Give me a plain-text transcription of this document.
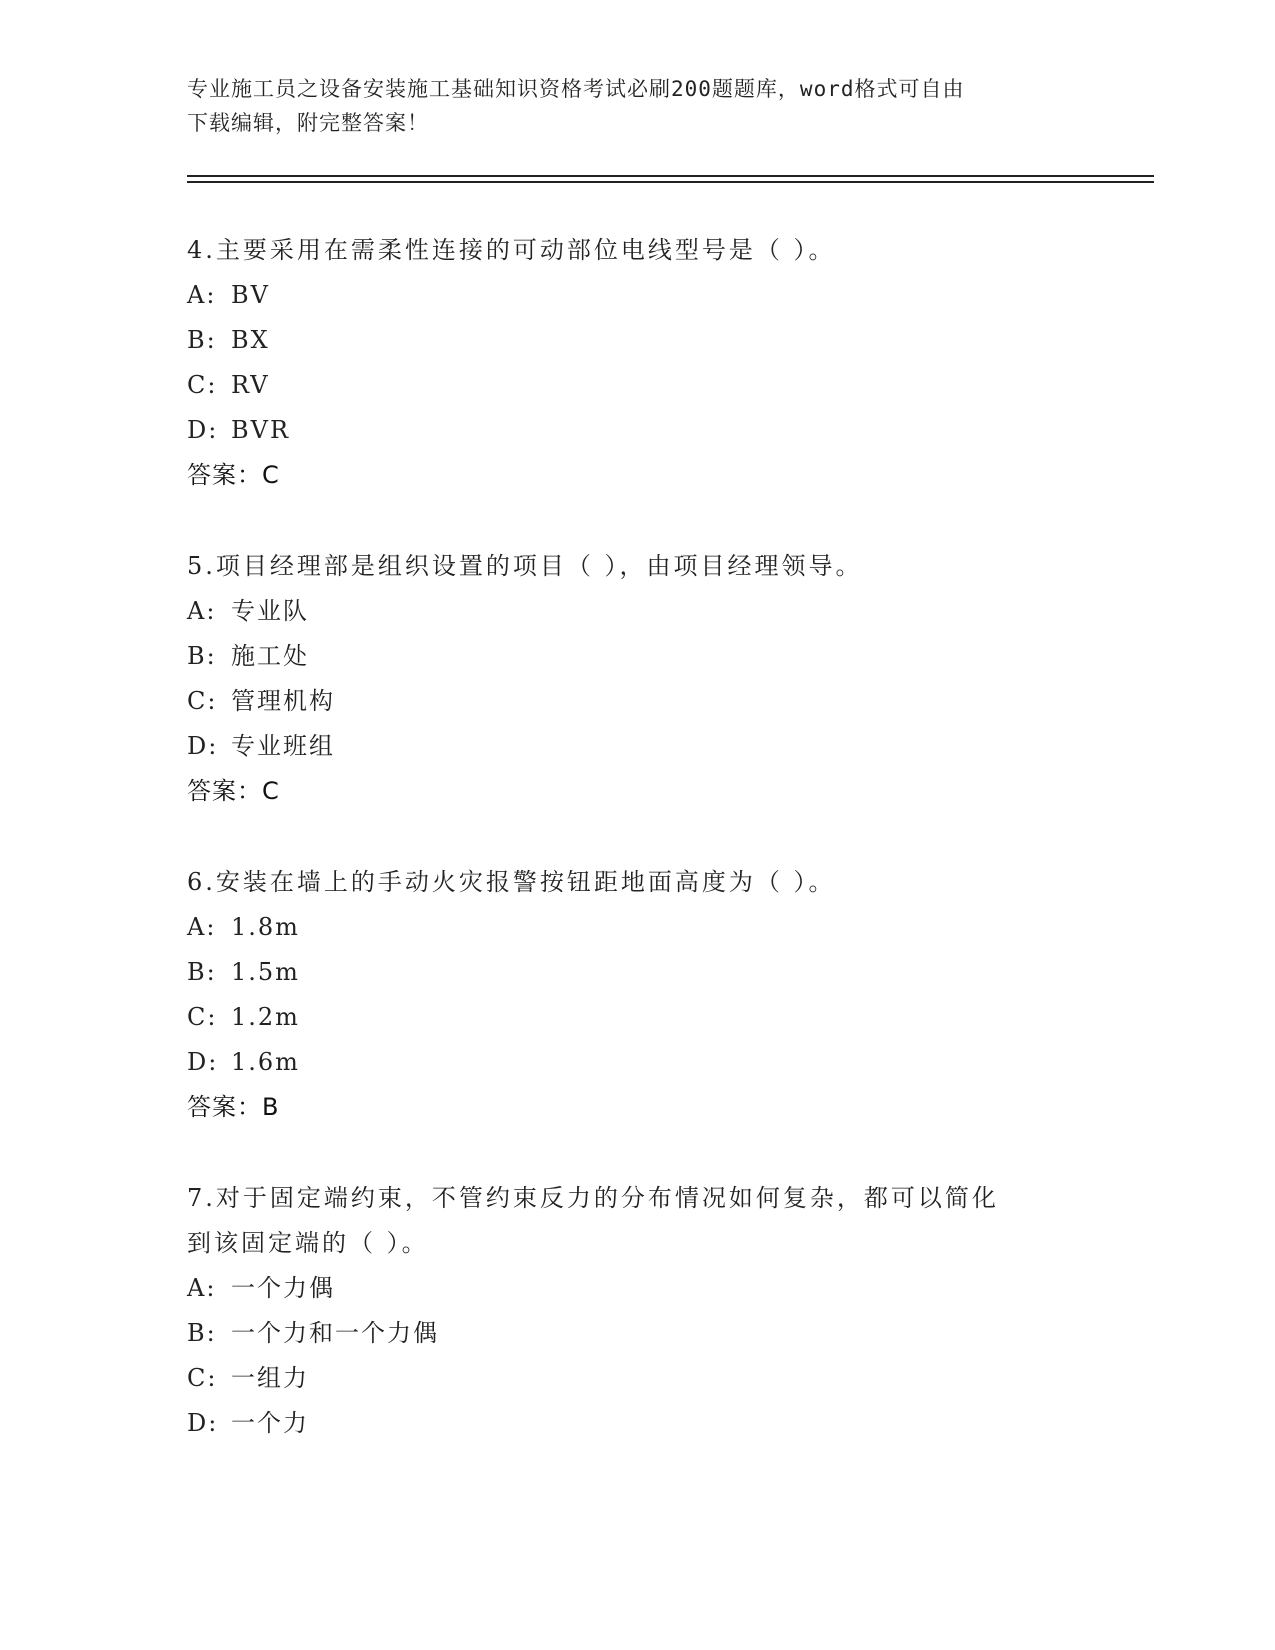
专业施工员之设备安装施工基础知识资格考试必刷200题题库，word格式可自由
下载编辑，附完整答案！

4.主要采用在需柔性连接的可动部位电线型号是（ ）。

A: BV
B: BX
C: RV
D: BVR
答案：C

5.项目经理部是组织设置的项目（ ），由项目经理领导。

A: 专业队
B: 施工处
C: 管理机构
D: 专业班组
答案：C

6.安装在墙上的手动火灾报警按钮距地面高度为（ ）。

A: 1.8m
B: 1.5m
C: 1.2m
D: 1.6m
答案：B

7.对于固定端约束，不管约束反力的分布情况如何复杂，都可以简化

到该固定端的（ ）。

A: 一个力偶
B: 一个力和一个力偶
C: 一组力
D: 一个力
